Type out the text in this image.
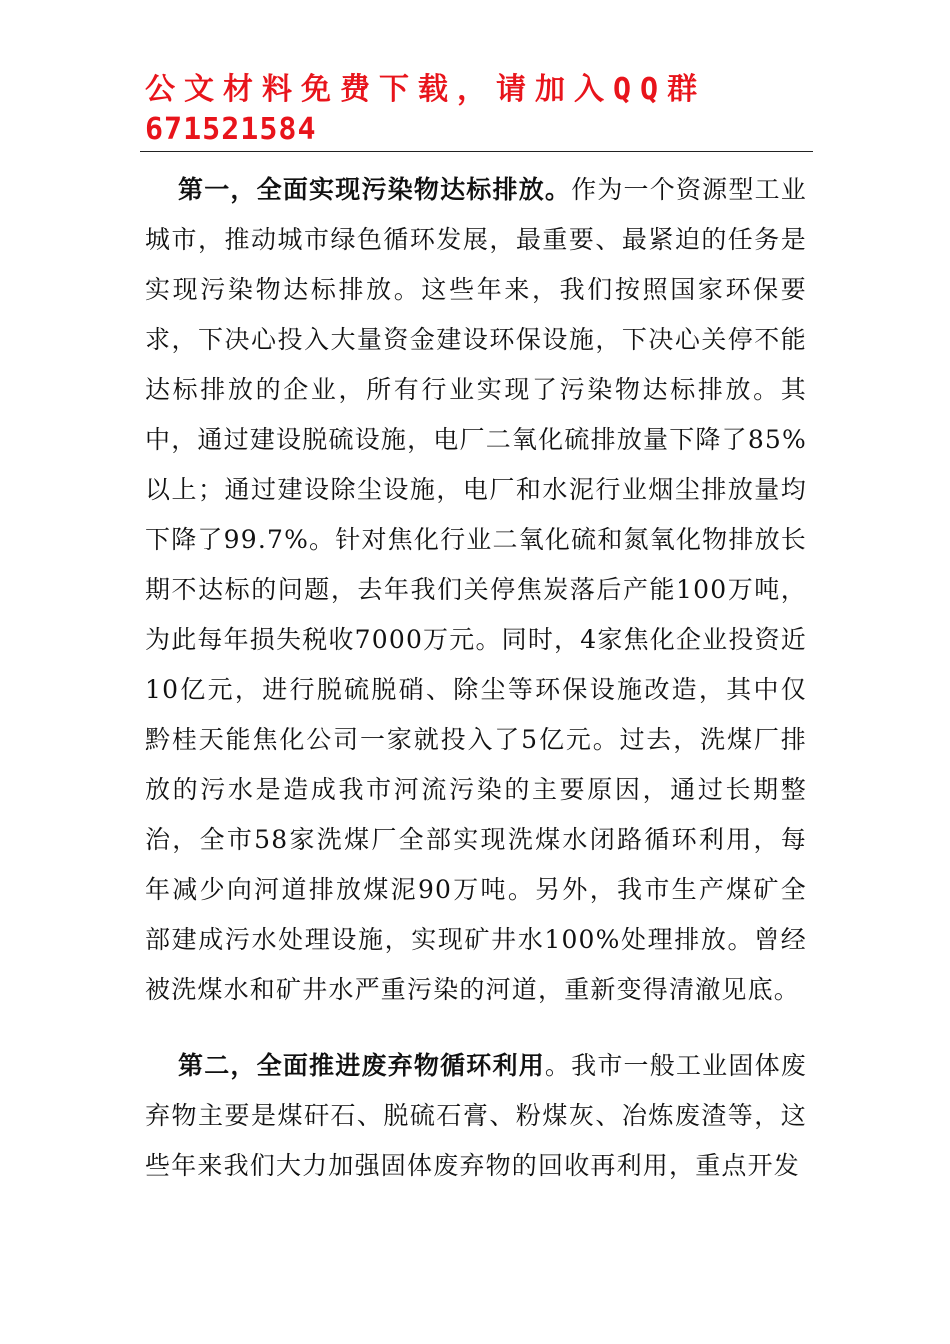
公文材料免费下载，请加入QQ群
671521584

第一，全面实现污染物达标排放。作为一个资源型工业城市，推动城市绿色循环发展，最重要、最紧迫的任务是实现污染物达标排放。这些年来，我们按照国家环保要求，下决心投入大量资金建设环保设施，下决心关停不能达标排放的企业，所有行业实现了污染物达标排放。其中，通过建设脱硫设施，电厂二氧化硫排放量下降了85%以上；通过建设除尘设施，电厂和水泥行业烟尘排放量均下降了99.7%。针对焦化行业二氧化硫和氮氧化物排放长期不达标的问题，去年我们关停焦炭落后产能100万吨，为此每年损失税收7000万元。同时，4家焦化企业投资近10亿元，进行脱硫脱硝、除尘等环保设施改造，其中仅黔桂天能焦化公司一家就投入了5亿元。过去，洗煤厂排放的污水是造成我市河流污染的主要原因，通过长期整治，全市58家洗煤厂全部实现洗煤水闭路循环利用，每年减少向河道排放煤泥90万吨。另外，我市生产煤矿全部建成污水处理设施，实现矿井水100%处理排放。曾经被洗煤水和矿井水严重污染的河道，重新变得清澈见底。

第二，全面推进废弃物循环利用。我市一般工业固体废弃物主要是煤矸石、脱硫石膏、粉煤灰、冶炼废渣等，这些年来我们大力加强固体废弃物的回收再利用，重点开发
